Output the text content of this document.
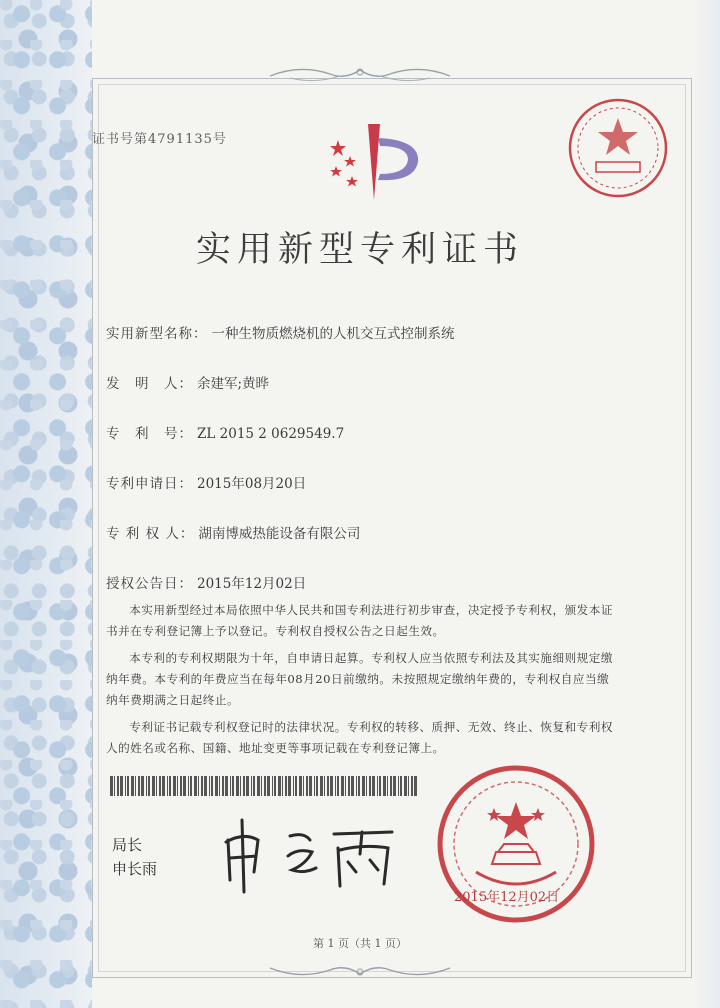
证书号第4791135号
实用新型专利证书
实用新型名称： 一种生物质燃烧机的人机交互式控制系统
发　明　人： 余建军;黄晔
专　利　号： ZL 2015 2 0629549.7
专利申请日： 2015年08月20日
专 利 权 人： 湖南博威热能设备有限公司
授权公告日： 2015年12月02日

本实用新型经过本局依照中华人民共和国专利法进行初步审查，决定授予专利权，颁发本证书并在专利登记簿上予以登记。专利权自授权公告之日起生效。

本专利的专利权期限为十年，自申请日起算。专利权人应当依照专利法及其实施细则规定缴纳年费。本专利的年费应当在每年08月20日前缴纳。未按照规定缴纳年费的，专利权自应当缴纳年费期满之日起终止。

专利证书记载专利权登记时的法律状况。专利权的转移、质押、无效、终止、恢复和专利权人的姓名或名称、国籍、地址变更等事项记载在专利登记簿上。

局长
申长雨
2015年12月02日
第 1 页（共 1 页）
